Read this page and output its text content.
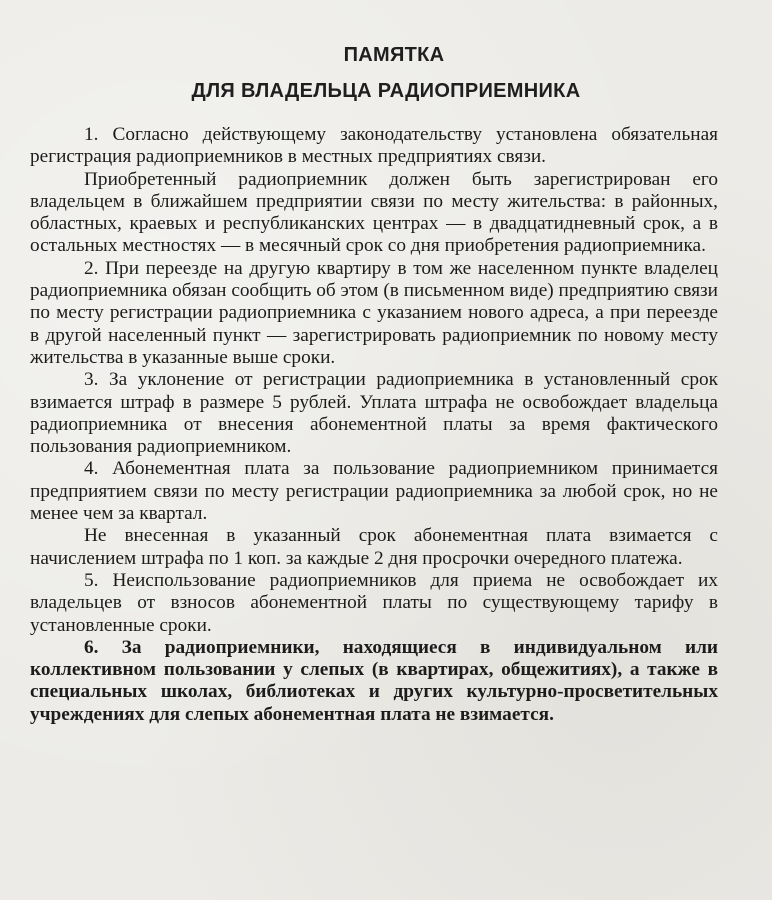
ПАМЯТКА
ДЛЯ ВЛАДЕЛЬЦА РАДИОПРИЕМНИКА

1. Согласно действующему законодательству установлена обязательная регистрация радиоприемников в местных предприятиях связи.

Приобретенный радиоприемник должен быть зарегистрирован его владельцем в ближайшем предприятии связи по месту жительства: в районных, областных, краевых и республиканских центрах — в двадцатидневный срок, а в остальных местностях — в месячный срок со дня приобретения радиоприемника.

2. При переезде на другую квартиру в том же населенном пункте владелец радиоприемника обязан сообщить об этом (в письменном виде) предприятию связи по месту регистрации радиоприемника с указанием нового адреса, а при переезде в другой населенный пункт — зарегистрировать радиоприемник по новому месту жительства в указанные выше сроки.

3. За уклонение от регистрации радиоприемника в установленный срок взимается штраф в размере 5 рублей. Уплата штрафа не освобождает владельца радиоприемника от внесения абонементной платы за время фактического пользования радиоприемником.

4. Абонементная плата за пользование радиоприемником принимается предприятием связи по месту регистрации радиоприемника за любой срок, но не менее чем за квартал.

Не внесенная в указанный срок абонементная плата взимается с начислением штрафа по 1 коп. за каждые 2 дня просрочки очередного платежа.

5. Неиспользование радиоприемников для приема не освобождает их владельцев от взносов абонементной платы по существующему тарифу в установленные сроки.

6. За радиоприемники, находящиеся в индивидуальном или коллективном пользовании у слепых (в квартирах, общежитиях), а также в специальных школах, библиотеках и других культурно-просветительных учреждениях для слепых абонементная плата не взимается.
